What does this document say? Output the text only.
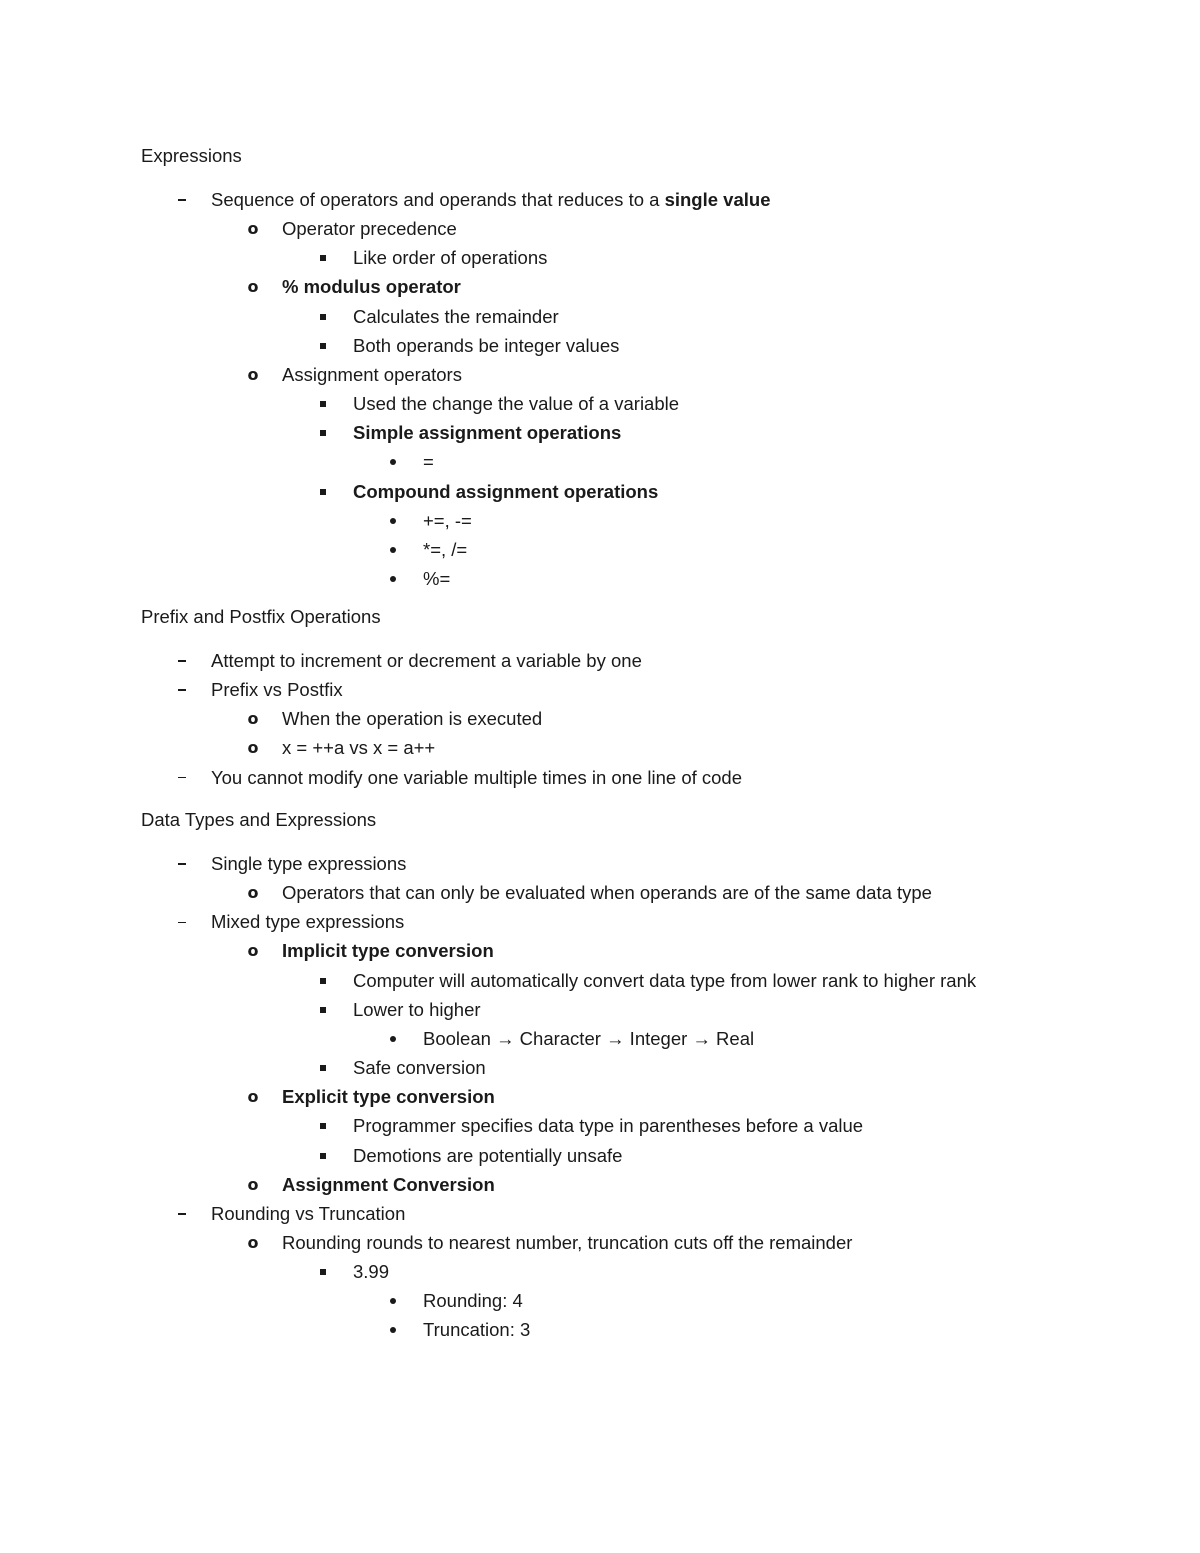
Expressions
Sequence of operators and operands that reduces to a single value
o
Operator precedence
Like order of operations
o
% modulus operator
Calculates the remainder
Both operands be integer values
o
Assignment operators
Used the change the value of a variable
Simple assignment operations
=
Compound assignment operations
+=, -=
*=, /=
%=
Prefix and Postfix Operations
Attempt to increment or decrement a variable by one
Prefix vs Postfix
o
When the operation is executed
o
x = ++a vs x = a++
You cannot modify one variable multiple times in one line of code
Data Types and Expressions
Single type expressions
o
Operators that can only be evaluated when operands are of the same data type
Mixed type expressions
o
Implicit type conversion
Computer will automatically convert data type from lower rank to higher rank
Lower to higher
Boolean → Character → Integer → Real
Safe conversion
o
Explicit type conversion
Programmer specifies data type in parentheses before a value
Demotions are potentially unsafe
o
Assignment Conversion
Rounding vs Truncation
o
Rounding rounds to nearest number, truncation cuts off the remainder
3.99
Rounding: 4
Truncation: 3
